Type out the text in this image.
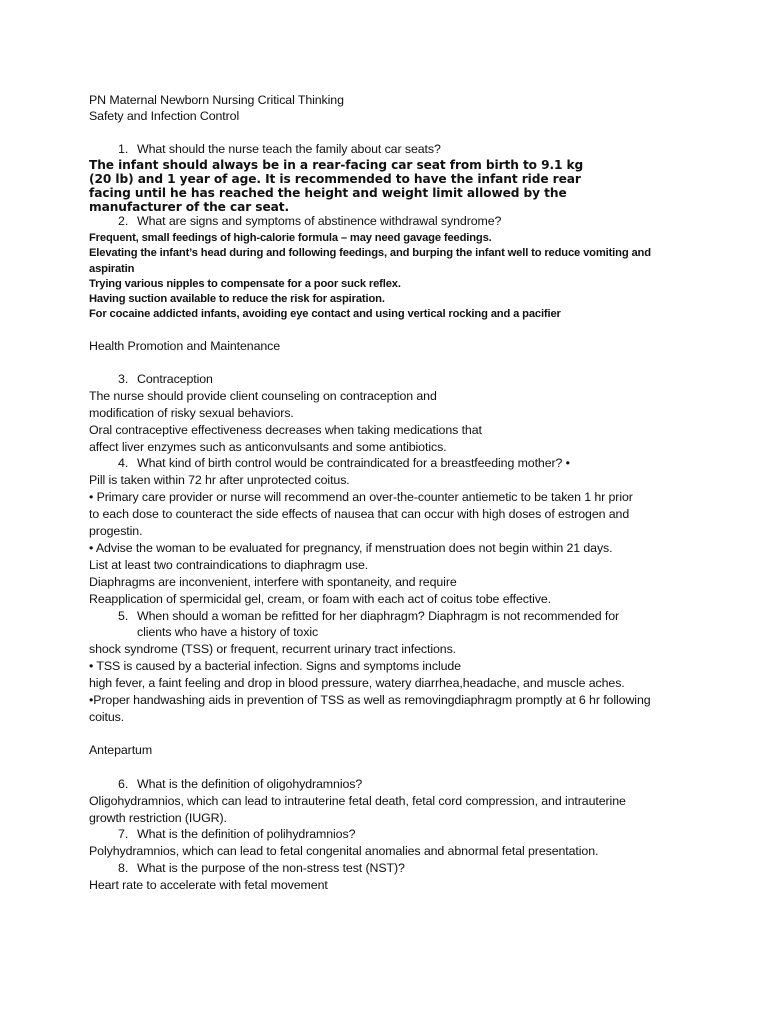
PN Maternal Newborn Nursing Critical Thinking
Safety and Infection Control
1. What should the nurse teach the family about car seats?
The infant should always be in a rear-facing car seat from birth to 9.1 kg
(20 lb) and 1 year of age. It is recommended to have the infant ride rear
facing until he has reached the height and weight limit allowed by the
manufacturer of the car seat.
2. What are signs and symptoms of abstinence withdrawal syndrome?
Frequent, small feedings of high-calorie formula – may need gavage feedings.
Elevating the infant’s head during and following feedings, and burping the infant well to reduce vomiting and
aspiratin
Trying various nipples to compensate for a poor suck reflex.
Having suction available to reduce the risk for aspiration.
For cocaine addicted infants, avoiding eye contact and using vertical rocking and a pacifier
Health Promotion and Maintenance
3. Contraception
The nurse should provide client counseling on contraception and
modification of risky sexual behaviors.
Oral contraceptive effectiveness decreases when taking medications that
affect liver enzymes such as anticonvulsants and some antibiotics.
4. What kind of birth control would be contraindicated for a breastfeeding mother? •
Pill is taken within 72 hr after unprotected coitus.
• Primary care provider or nurse will recommend an over-the-counter antiemetic to be taken 1 hr prior
to each dose to counteract the side effects of nausea that can occur with high doses of estrogen and
progestin.
• Advise the woman to be evaluated for pregnancy, if menstruation does not begin within 21 days.
List at least two contraindications to diaphragm use.
Diaphragms are inconvenient, interfere with spontaneity, and require
Reapplication of spermicidal gel, cream, or foam with each act of coitus tobe effective.
5. When should a woman be refitted for her diaphragm? Diaphragm is not recommended for
clients who have a history of toxic
shock syndrome (TSS) or frequent, recurrent urinary tract infections.
• TSS is caused by a bacterial infection. Signs and symptoms include
high fever, a faint feeling and drop in blood pressure, watery diarrhea,headache, and muscle aches.
•Proper handwashing aids in prevention of TSS as well as removingdiaphragm promptly at 6 hr following
coitus.
Antepartum
6. What is the definition of oligohydramnios?
Oligohydramnios, which can lead to intrauterine fetal death, fetal cord compression, and intrauterine
growth restriction (IUGR).
7. What is the definition of polihydramnios?
Polyhydramnios, which can lead to fetal congenital anomalies and abnormal fetal presentation.
8. What is the purpose of the non-stress test (NST)?
Heart rate to accelerate with fetal movement
